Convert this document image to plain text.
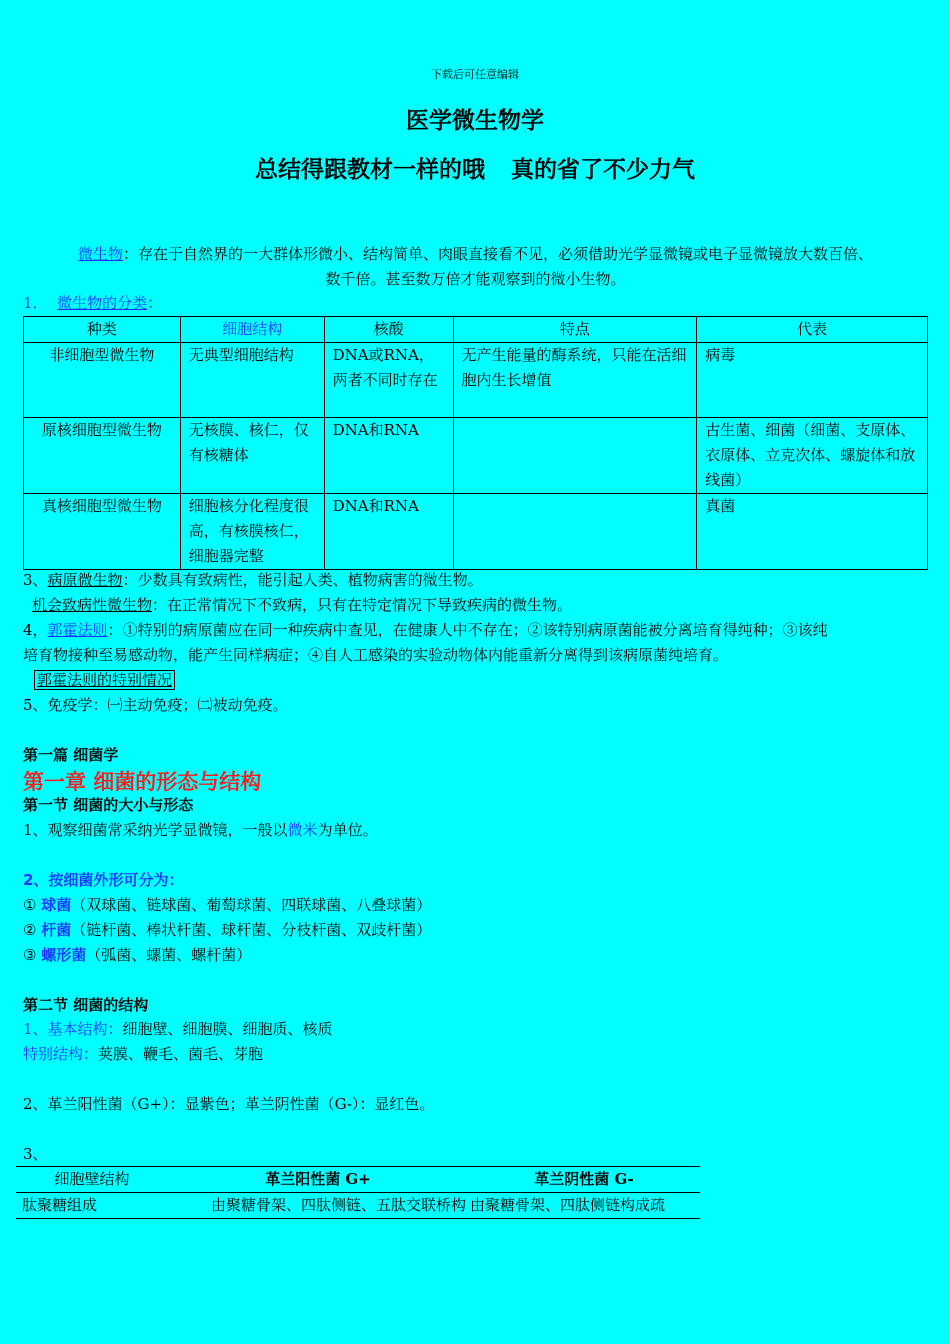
下载后可任意编辑
医学微生物学
总结得跟教材一样的哦 真的省了不少力气
微生物：存在于自然界的一大群体形微小、结构简单、肉眼直接看不见，必须借助光学显微镜或电子显微镜放大数百倍、
数千倍。甚至数万倍才能观察到的微小生物。
1． 微生物的分类：
种类	细胞结构	核酸	特点	代表
非细胞型微生物	无典型细胞结构	DNA或RNA，两者不同时存在	无产生能量的酶系统，只能在活细胞内生长增值	病毒
原核细胞型微生物	无核膜、核仁，仅有核糖体	DNA和RNA		古生菌、细菌（细菌、支原体、衣原体、立克次体、螺旋体和放线菌）
真核细胞型微生物	细胞核分化程度很高，有核膜核仁，细胞器完整	DNA和RNA		真菌
3、病原微生物：少数具有致病性，能引起人类、植物病害的微生物。
机会致病性微生物：在正常情况下不致病，只有在特定情况下导致疾病的微生物。
4，郭霍法则：①特别的病原菌应在同一种疾病中查见，在健康人中不存在；②该特别病原菌能被分离培育得纯种；③该纯
培育物接种至易感动物，能产生同样病症；④自人工感染的实验动物体内能重新分离得到该病原菌纯培育。
郭霍法则的特别情况
5、免疫学：㈠主动免疫；㈡被动免疫。
第一篇 细菌学
第一章 细菌的形态与结构
第一节 细菌的大小与形态
1、观察细菌常采纳光学显微镜，一般以微米为单位。
2、按细菌外形可分为：
① 球菌（双球菌、链球菌、葡萄球菌、四联球菌、八叠球菌）
② 杆菌（链杆菌、棒状杆菌、球杆菌、分枝杆菌、双歧杆菌）
③ 螺形菌（弧菌、螺菌、螺杆菌）
第二节 细菌的结构
1、基本结构：细胞壁、细胞膜、细胞质、核质
特别结构：荚膜、鞭毛、菌毛、芽胞
2、革兰阳性菌（G+）：显紫色；革兰阴性菌（G-）：显红色。
3、
细胞壁结构	革兰阳性菌 G+	革兰阴性菌 G-
肽聚糖组成	由聚糖骨架、四肽侧链、五肽交联桥构	由聚糖骨架、四肽侧链构成疏
